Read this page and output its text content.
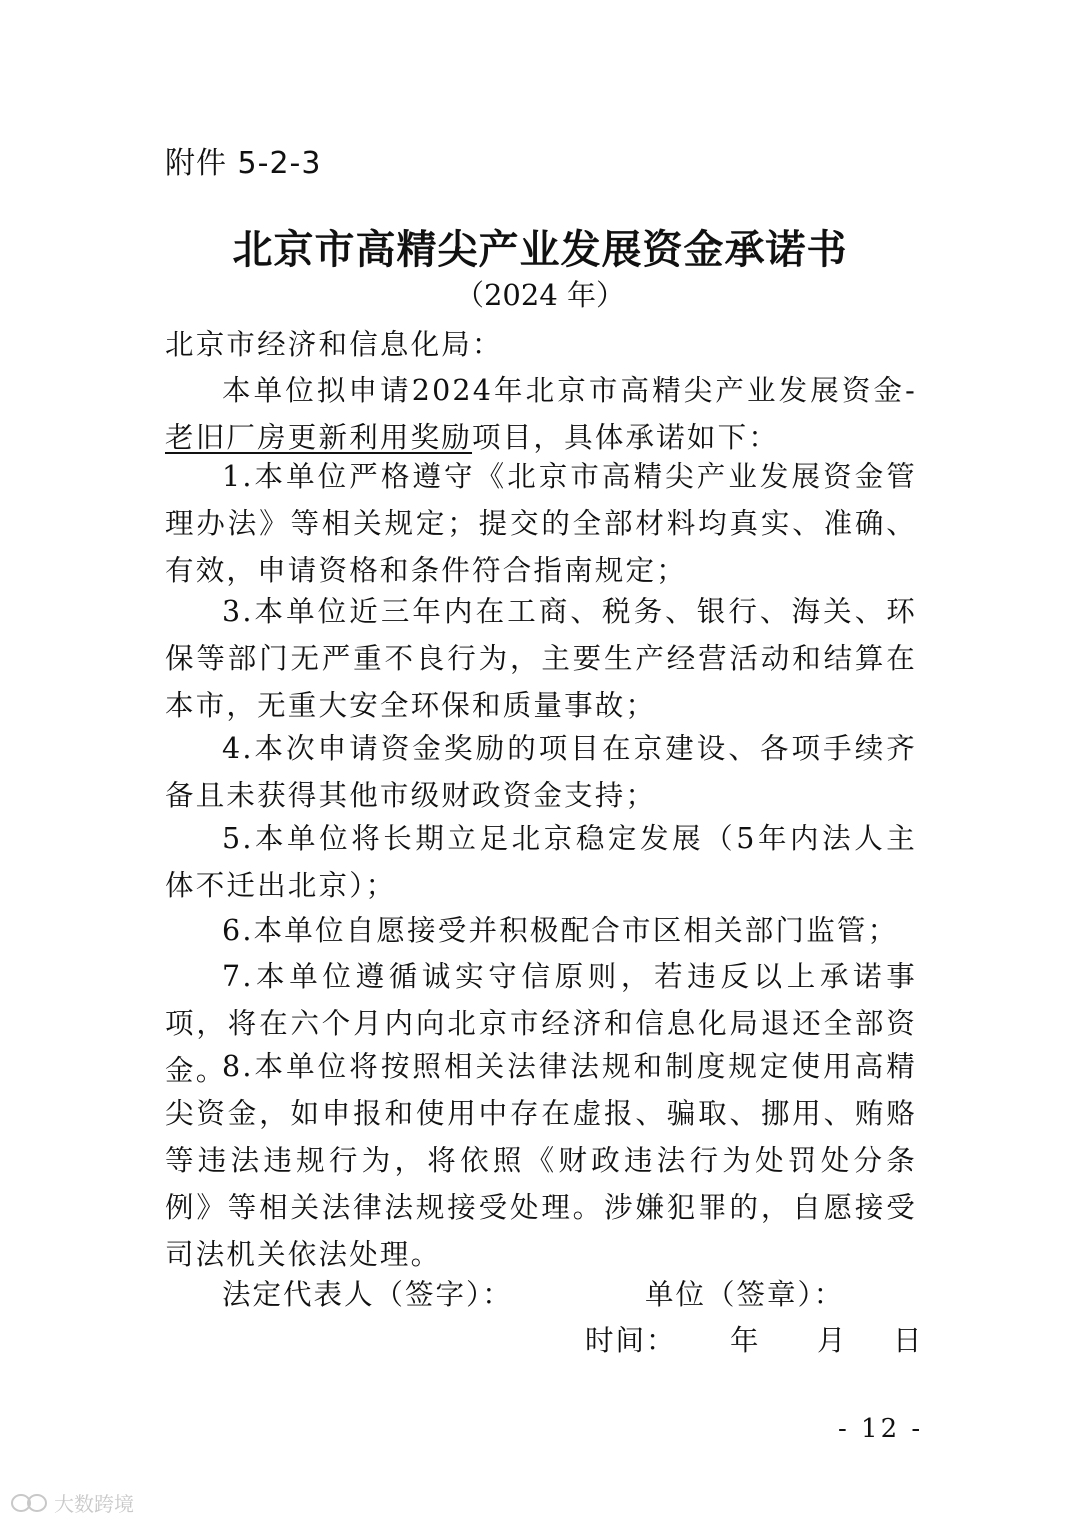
附件 5-2-3
北京市高精尖产业发展资金承诺书
（2024 年）
北京市经济和信息化局：
本单位拟申请2024年北京市高精尖产业发展资金-老旧厂房更新利用奖励项目，具体承诺如下：
1.本单位严格遵守《北京市高精尖产业发展资金管理办法》等相关规定；提交的全部材料均真实、准确、有效，申请资格和条件符合指南规定；
3.本单位近三年内在工商、税务、银行、海关、环保等部门无严重不良行为，主要生产经营活动和结算在本市，无重大安全环保和质量事故；
4.本次申请资金奖励的项目在京建设、各项手续齐备且未获得其他市级财政资金支持；
5.本单位将长期立足北京稳定发展（5年内法人主体不迁出北京）；
6.本单位自愿接受并积极配合市区相关部门监管；
7.本单位遵循诚实守信原则，若违反以上承诺事项，将在六个月内向北京市经济和信息化局退还全部资金。
8.本单位将按照相关法律法规和制度规定使用高精尖资金，如申报和使用中存在虚报、骗取、挪用、贿赂等违法违规行为，将依照《财政违法行为处罚处分条例》等相关法律法规接受处理。涉嫌犯罪的，自愿接受司法机关依法处理。
法定代表人（签字）：	单位（签章）：
时间： 年 月 日
- 12 -
大数跨境
